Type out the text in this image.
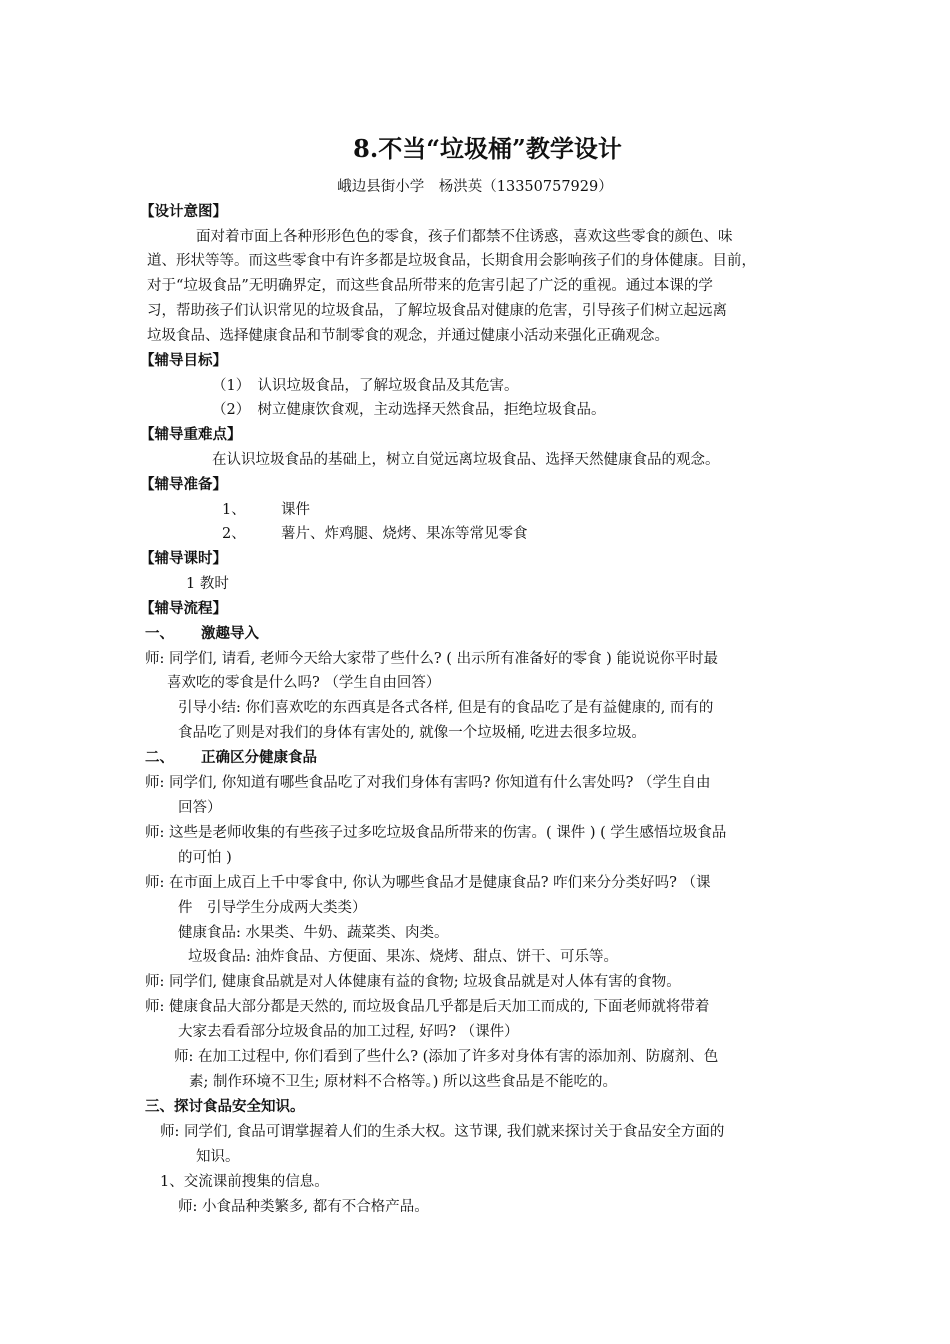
8.不当“垃圾桶”教学设计
峨边县街小学　杨洪英（13350757929）
【设计意图】
面对着市面上各种形形色色的零食，孩子们都禁不住诱惑，喜欢这些零食的颜色、味
道、形状等等。而这些零食中有许多都是垃圾食品，长期食用会影响孩子们的身体健康。目前，
对于“垃圾食品”无明确界定，而这些食品所带来的危害引起了广泛的重视。通过本课的学
习，帮助孩子们认识常见的垃圾食品，了解垃圾食品对健康的危害，引导孩子们树立起远离
垃圾食品、选择健康食品和节制零食的观念，并通过健康小活动来强化正确观念。
【辅导目标】
（1）　认识垃圾食品，了解垃圾食品及其危害。
（2）　树立健康饮食观，主动选择天然食品，拒绝垃圾食品。
【辅导重难点】
在认识垃圾食品的基础上，树立自觉远离垃圾食品、选择天然健康食品的观念。
【辅导准备】
1、 课件
2、 薯片、炸鸡腿、烧烤、果冻等常见零食
【辅导课时】
1 教时
【辅导流程】
一、 激趣导入
师: 同学们, 请看, 老师今天给大家带了些什么? ( 出示所有准备好的零食 ) 能说说你平时最
喜欢吃的零食是什么吗? （学生自由回答）
引导小结: 你们喜欢吃的东西真是各式各样, 但是有的食品吃了是有益健康的, 而有的
食品吃了则是对我们的身体有害处的, 就像一个垃圾桶, 吃进去很多垃圾。
二、 正确区分健康食品
师: 同学们, 你知道有哪些食品吃了对我们身体有害吗? 你知道有什么害处吗? （学生自由
回答）
师: 这些是老师收集的有些孩子过多吃垃圾食品所带来的伤害。( 课件 ) ( 学生感悟垃圾食品
的可怕 )
师: 在市面上成百上千中零食中, 你认为哪些食品才是健康食品? 咋们来分分类好吗? （课
件　引导学生分成两大类类）
健康食品: 水果类、牛奶、蔬菜类、肉类。
垃圾食品: 油炸食品、方便面、果冻、烧烤、甜点、饼干、可乐等。
师: 同学们, 健康食品就是对人体健康有益的食物; 垃圾食品就是对人体有害的食物。
师: 健康食品大部分都是天然的, 而垃圾食品几乎都是后天加工而成的, 下面老师就将带着
大家去看看部分垃圾食品的加工过程, 好吗? （课件）
师: 在加工过程中, 你们看到了些什么? (添加了许多对身体有害的添加剂、防腐剂、色
素; 制作环境不卫生; 原材料不合格等。) 所以这些食品是不能吃的。
三、探讨食品安全知识。
师: 同学们, 食品可谓掌握着人们的生杀大权。这节课, 我们就来探讨关于食品安全方面的
知识。
1、交流课前搜集的信息。
师: 小食品种类繁多, 都有不合格产品。
